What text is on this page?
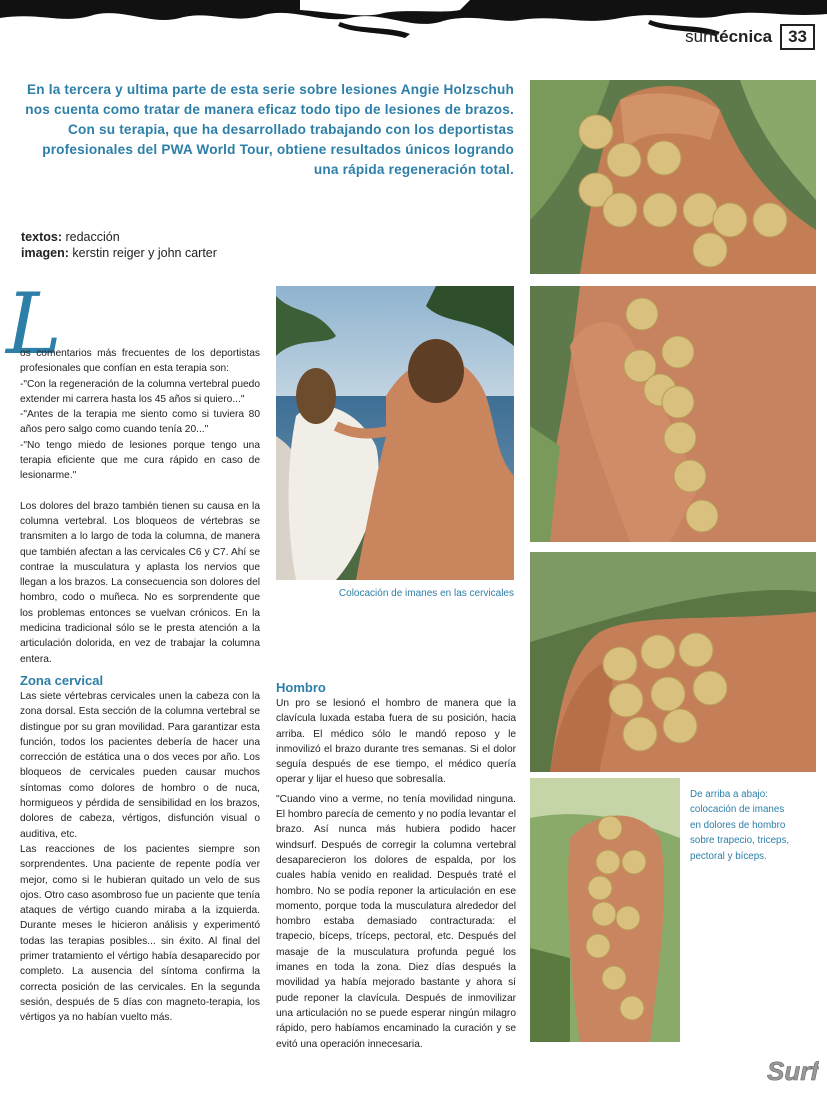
surftécnica 33
En la tercera y ultima parte de esta serie sobre lesiones Angie Holzschuh nos cuenta como tratar de manera eficaz todo tipo de lesiones de brazos. Con su terapia, que ha desarrollado trabajando con los deportistas profesionales del PWA World Tour, obtiene resultados únicos logrando una rápida regeneración total.
textos: redacción
imagen: kerstin reiger y john carter
L

os comentarios más frecuentes de los deportistas profesionales que confían en esta terapia son:

-"Con la regeneración de la columna vertebral puedo extender mi carrera hasta los 45 años si quiero..."

-"Antes de la terapia me siento como si tuviera 80 años pero salgo como cuando tenía 20..."

-"No tengo miedo de lesiones porque tengo una terapia eficiente que me cura rápido en caso de lesionarme."

Los dolores del brazo también tienen su causa en la columna vertebral. Los bloqueos de vértebras se transmiten a lo largo de toda la columna, de manera que también afectan a las cervicales C6 y C7. Ahí se contrae la musculatura y aplasta los nervios que llegan a los brazos. La consecuencia son dolores del hombro, codo o muñeca. No es sorprendente que los problemas entonces se vuelvan crónicos. En la medicina tradicional sólo se le presta atención a la articulación dolorida, en vez de trabajar la columna entera.

Zona cervical

Las siete vértebras cervicales unen la cabeza con la zona dorsal. Esta sección de la columna vertebral se distingue por su gran movilidad. Para garantizar esta función, todos los pacientes debería de hacer una corrección de estática una o dos veces por año. Los bloqueos de cervicales pueden causar muchos síntomas como dolores de hombro o de nuca, hormigueos y pérdida de sensibilidad en los brazos, dolores de cabeza, vértigos, disfunción visual o auditiva, etc.

Las reacciones de los pacientes siempre son sorprendentes. Una paciente de repente podía ver mejor, como si le hubieran quitado un velo de sus ojos. Otro caso asombroso fue un paciente que tenía ataques de vértigo cuando miraba a la izquierda. Durante meses le hicieron análisis y experimentó todas las terapias posibles... sin éxito. Al final del primer tratamiento el vértigo había desaparecido por completo. La ausencia del síntoma confirma la correcta posición de las cervicales. En la segunda sesión, después de 5 días con magneto-terapia, los vértigos ya no habían vuelto más.

Hombro

Un pro se lesionó el hombro de manera que la clavícula luxada estaba fuera de su posición, hacia arriba. El médico sólo le mandó reposo y le inmovilizó el brazo durante tres semanas. Si el dolor seguía después de ese tiempo, el médico quería operar y lijar el hueso que sobresalía.

"Cuando vino a verme, no tenía movilidad ninguna. El hombro parecía de cemento y no podía levantar el brazo. Así nunca más hubiera podido hacer windsurf. Después de corregir la columna vertebral desaparecieron los dolores de espalda, por los cuales había venido en realidad. Después traté el hombro. No se podía reponer la articulación en ese momento, porque toda la musculatura alrededor del hombro estaba demasiado contracturada: el trapecio, bíceps, tríceps, pectoral, etc. Después del masaje de la musculatura profunda pegué los imanes en toda la zona. Diez días después la movilidad ya había mejorado bastante y ahora sí pude reponer la clavícula. Después de inmovilizar una articulación no se puede esperar ningún milagro rápido, pero habíamos encaminado la curación y se evitó una operación innecesaria.

Colocación de imanes en las cervicales
De arriba a abajo: colocación de imanes en dolores de hombro sobre trapecio, triceps, pectoral y bíceps.
Surf
